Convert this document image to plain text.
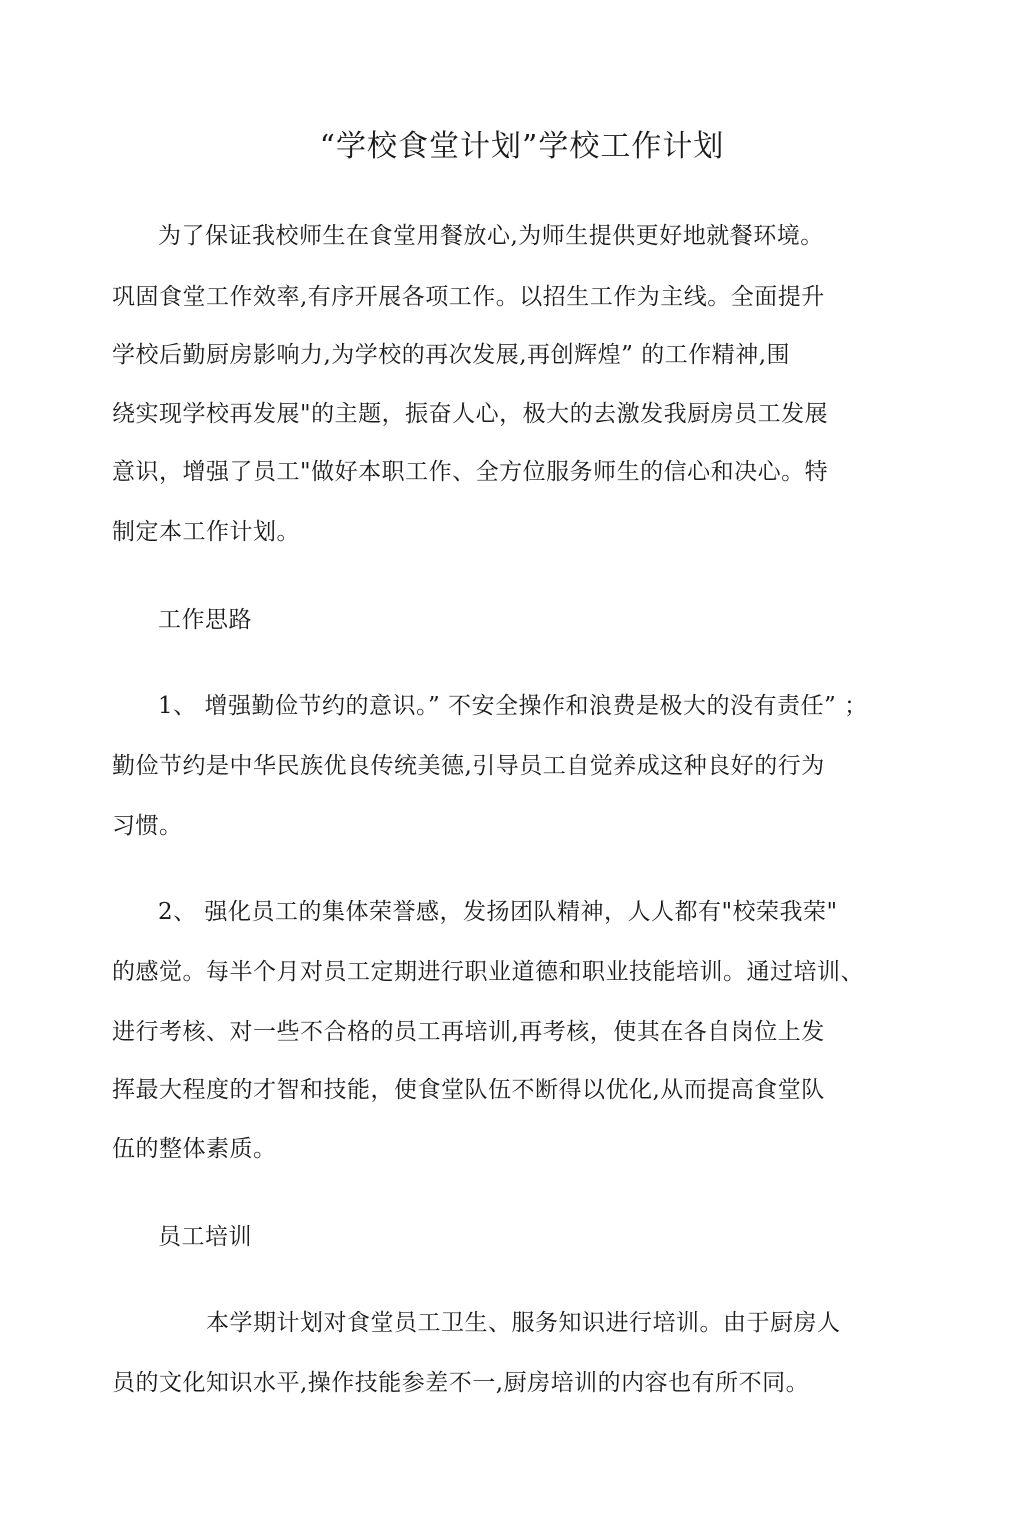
“学校食堂计划”学校工作计划
为了保证我校师生在食堂用餐放心,为师生提供更好地就餐环境。
巩固食堂工作效率,有序开展各项工作。以招生工作为主线。全面提升
学校后勤厨房影响力,为学校的再次发展,再创辉煌” 的工作精神,围
绕实现学校再发展"的主题，振奋人心，极大的去激发我厨房员工发展
意识，增强了员工"做好本职工作、全方位服务师生的信心和决心。特
制定本工作计划。
工作思路
1、 增强勤俭节约的意识。” 不安全操作和浪费是极大的没有责任” ；
勤俭节约是中华民族优良传统美德,引导员工自觉养成这种良好的行为
习惯。
2、 强化员工的集体荣誉感，发扬团队精神，人人都有"校荣我荣"
的感觉。每半个月对员工定期进行职业道德和职业技能培训。通过培训、
进行考核、对一些不合格的员工再培训,再考核，使其在各自岗位上发
挥最大程度的才智和技能，使食堂队伍不断得以优化,从而提高食堂队
伍的整体素质。
员工培训
本学期计划对食堂员工卫生、服务知识进行培训。由于厨房人
员的文化知识水平,操作技能参差不一,厨房培训的内容也有所不同。
